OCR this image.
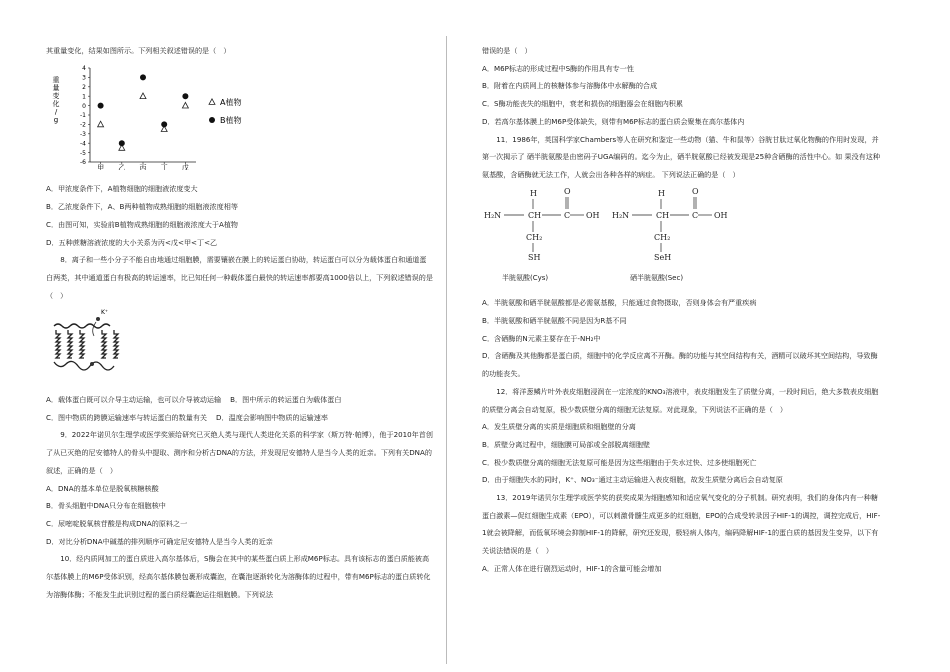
其重量变化，结果如图所示。下列相关叙述错误的是（　）

重
量
变
化
/
g
4
3
2
1
0
-1
-2
-3
-4
-5
-6
甲 乙 丙 丁 戊
A植物
B植物

A．甲浓度条件下，A植物细胞的细胞液浓度变大

B．乙浓度条件下，A、B两种植物成熟细胞的细胞液浓度相等

C．由图可知，实验前B植物成熟细胞的细胞液浓度大于A植物

D．五种蔗糖溶液浓度的大小关系为丙<戊<甲<丁<乙

8．离子和一些小分子不能自由地通过细胞膜，需要镶嵌在膜上的转运蛋白协助，转运蛋白可以分为载体蛋白和通道蛋白两类，其中通道蛋白有极高的转运速率，比已知任何一种载体蛋白最快的转运速率都要高1000倍以上，下列叙述错误的是（　）

K⁺

A．载体蛋白既可以介导主动运输，也可以介导被动运输 B．图中所示的转运蛋白为载体蛋白

C．图中物质的跨膜运输速率与转运蛋白的数量有关 D．温度会影响图中物质的运输速率

9．2022年诺贝尔生理学或医学奖颁给研究已灭绝人类与现代人类进化关系的科学家（斯万特·帕博），他于2010年首创了从已灭绝的尼安德特人的骨头中提取、测序和分析古DNA的方法，并发现尼安德特人是当今人类的近亲。下列有关DNA的叙述，正确的是（　）

A．DNA的基本单位是脱氧核糖核酸

B．骨头细胞中DNA只分布在细胞核中

C．尿嘧啶脱氧核苷酸是构成DNA的原料之一

D．对比分析DNA中碱基的排列顺序可确定尼安德特人是当今人类的近亲

10．经内质网加工的蛋白质进入高尔基体后，S酶会在其中的某些蛋白质上形成M6P标志。具有该标志的蛋白质能被高尔基体膜上的M6P受体识别，经高尔基体膜包裹形成囊泡，在囊泡逐渐转化为溶酶体的过程中，带有M6P标志的蛋白质转化为溶酶体酶；不能发生此识别过程的蛋白质经囊泡运往细胞膜。下列说法

错误的是（　）

A．M6P标志的形成过程中S酶的作用具有专一性

B．附着在内质网上的核糖体参与溶酶体中水解酶的合成

C．S酶功能丧失的细胞中，衰老和损伤的细胞器会在细胞内积累

D．若高尔基体膜上的M6P受体缺失，则带有M6P标志的蛋白质会聚集在高尔基体内

11．1986年，英国科学家Chambers等人在研究和鉴定一些动物（猫、牛和鼠等）谷胱甘肽过氧化物酶的作用时发现，并第一次揭示了 硒半胱氨酸是由密码子UGA编码的。迄今为止，硒半胱氨酸已经被发现是25种含硒酶的活性中心。如 果没有这种氨基酸，含硒酶就无法工作，人就会出各种各样的病症。 下列说法正确的是（　）

H₂N	CH	C OH
O
H
CH₂
SH
半胱氨酸(Cys)
H₂N	CH	C OH
O
H
CH₂
SeH
硒半胱氨酸(Sec)

A．半胱氨酸和硒半胱氨酸都是必需氨基酸，只能通过食物摄取，否则身体会有严重疾病

B．半胱氨酸和硒半胱氨酸不同是因为R基不同

C．含硒酶的N元素主要存在于-NH₂中

D．含硒酶及其他酶都是蛋白质，细胞中的化学反应离不开酶。酶的功能与其空间结构有关，酒精可以破坏其空间结构，导致酶的功能丧失。

12．将洋葱鳞片叶外表皮细胞浸润在一定浓度的KNO₃溶液中，表皮细胞发生了质壁分离，一段时间后，绝大多数表皮细胞的质壁分离会自动复原，极少数质壁分离的细胞无法复原。对此现象，下列说法不正确的是（　）

A．发生质壁分离的实质是细胞质和细胞壁的分离

B．质壁分离过程中，细胞膜可局部或全部脱离细胞壁

C．极少数质壁分离的细胞无法复原可能是因为这些细胞由于失水过快、过多使细胞死亡

D．由于细胞失水的同时，K⁺、NO₃⁻通过主动运输进入表皮细胞，故发生质壁分离后会自动复原

13．2019年诺贝尔生理学或医学奖的获奖成果为细胞感知和适应氧气变化的分子机制。研究表明，我们的身体内有一种糖蛋白激素—促红细胞生成素（EPO），可以刺激骨髓生成更多的红细胞，EPO的合成受转录因子HIF-1的调控，调控完成后，HIF-1就会被降解，而低氧环境会抑制HIF-1的降解，研究还发现，极轻病人体内，编码降解HIF-1的蛋白质的基因发生变异，以下有关说法错误的是（　）

A．正常人体在进行剧烈运动时，HIF-1的含量可能会增加
